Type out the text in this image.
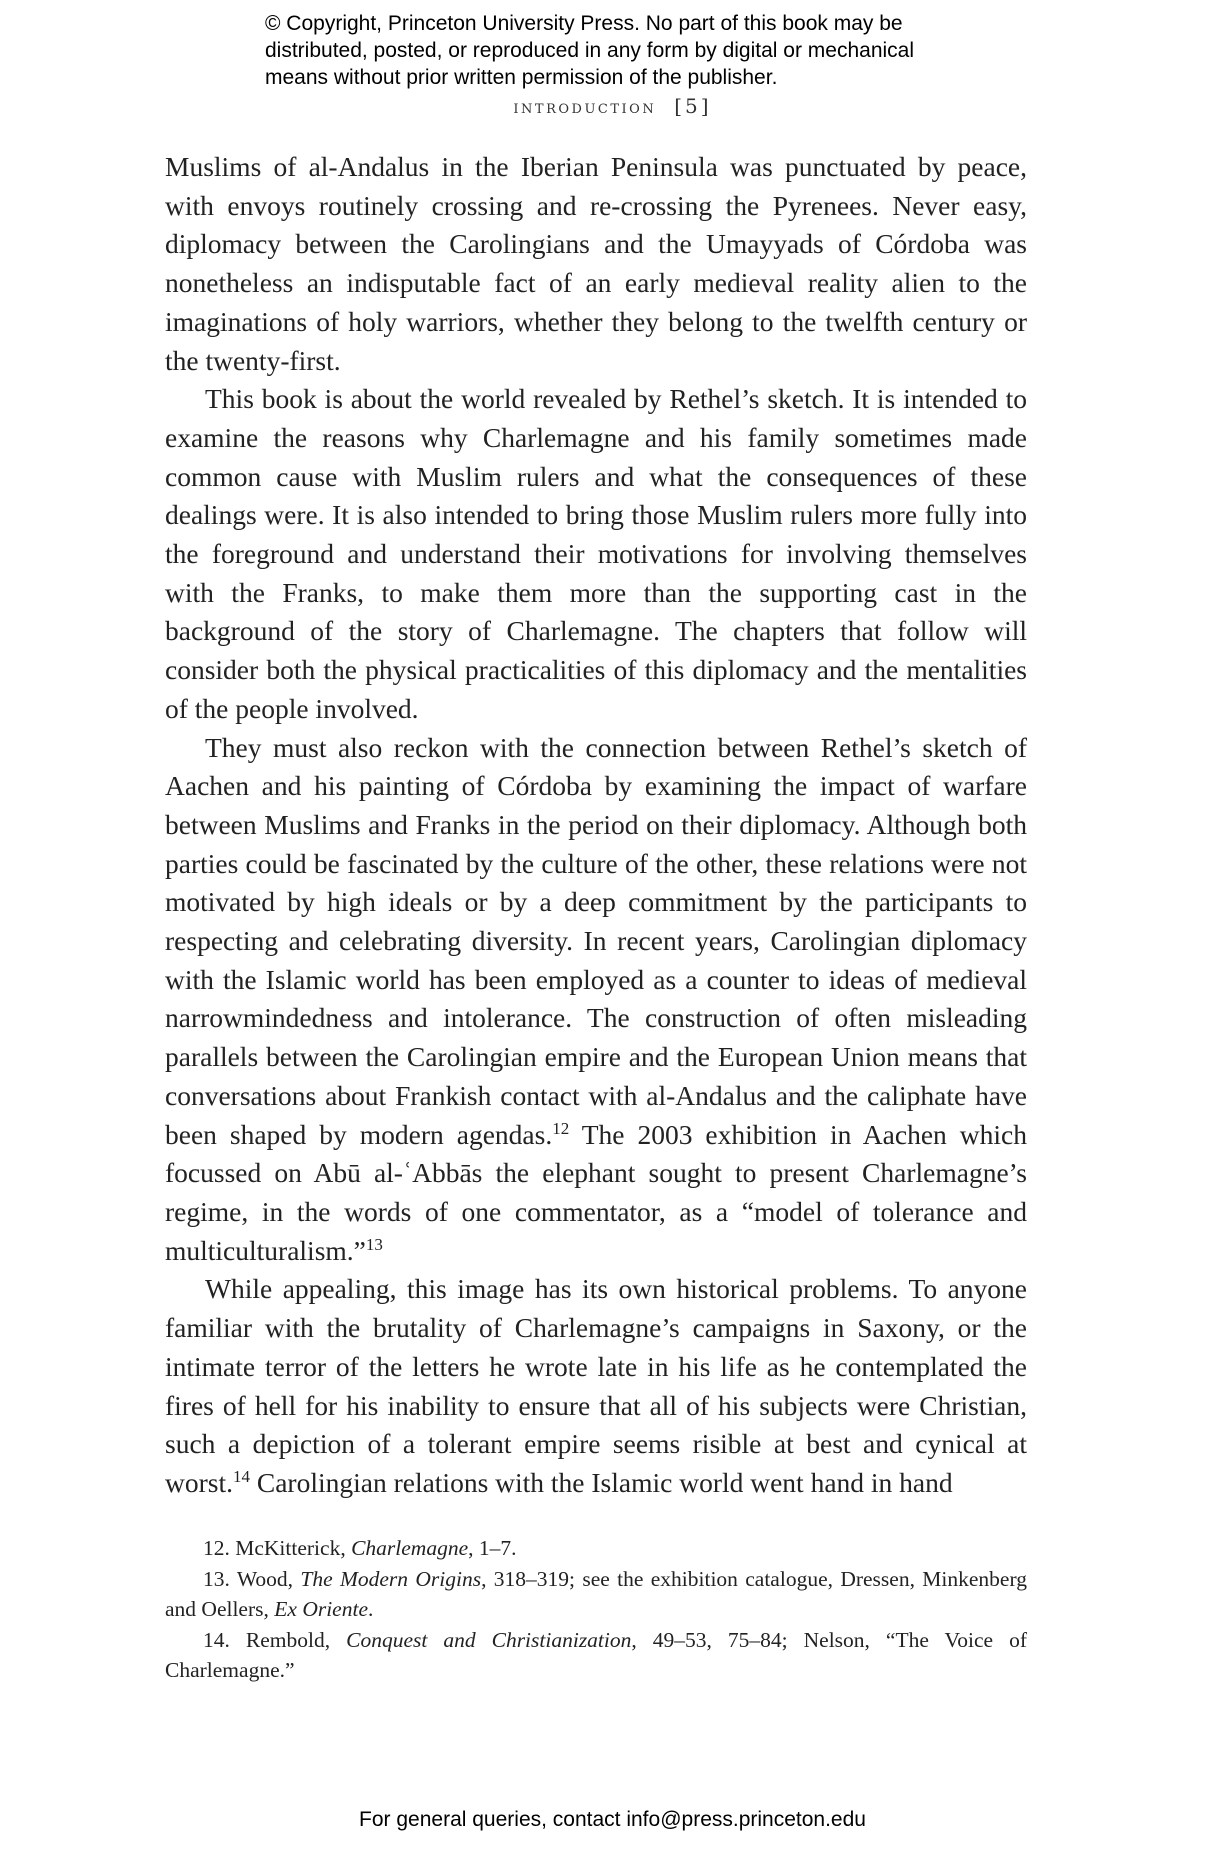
© Copyright, Princeton University Press. No part of this book may be

distributed, posted, or reproduced in any form by digital or mechanical

means without prior written permission of the publisher.

introduction [5]

Muslims of al-Andalus in the Iberian Peninsula was punctuated by peace, with envoys routinely crossing and re-crossing the Pyrenees. Never easy, diplomacy between the Carolingians and the Umayyads of Córdoba was nonetheless an indisputable fact of an early medieval reality alien to the imaginations of holy warriors, whether they belong to the twelfth century or the twenty-first.

This book is about the world revealed by Rethel’s sketch. It is intended to examine the reasons why Charlemagne and his family sometimes made common cause with Muslim rulers and what the consequences of these dealings were. It is also intended to bring those Muslim rulers more fully into the foreground and understand their motivations for involving themselves with the Franks, to make them more than the supporting cast in the background of the story of Charlemagne. The chapters that follow will consider both the physical practicalities of this diplomacy and the mentalities of the people involved.

They must also reckon with the connection between Rethel’s sketch of Aachen and his painting of Córdoba by examining the impact of warfare between Muslims and Franks in the period on their diplomacy. Although both parties could be fascinated by the culture of the other, these relations were not motivated by high ideals or by a deep commitment by the participants to respecting and celebrating diversity. In recent years, Carolingian diplomacy with the Islamic world has been employed as a counter to ideas of medieval narrowmindedness and intolerance. The construction of often misleading parallels between the Carolingian empire and the European Union means that conversations about Frankish contact with al-Andalus and the caliphate have been shaped by modern agendas.$^{12}$ The 2003 exhibition in Aachen which focussed on Abū al-ʿAbbās the elephant sought to present Charlemagne’s regime, in the words of one commentator, as a “model of tolerance and multiculturalism.”$^{13}$

While appealing, this image has its own historical problems. To anyone familiar with the brutality of Charlemagne’s campaigns in Saxony, or the intimate terror of the letters he wrote late in his life as he contemplated the fires of hell for his inability to ensure that all of his subjects were Christian, such a depiction of a tolerant empire seems risible at best and cynical at worst.$^{14}$ Carolingian relations with the Islamic world went hand in hand

12. McKitterick, Charlemagne, 1–7.

13. Wood, The Modern Origins, 318–319; see the exhibition catalogue, Dressen, Minkenberg and Oellers, Ex Oriente.

14. Rembold, Conquest and Christianization, 49–53, 75–84; Nelson, “The Voice of Charlemagne.”

For general queries, contact info@press.princeton.edu
